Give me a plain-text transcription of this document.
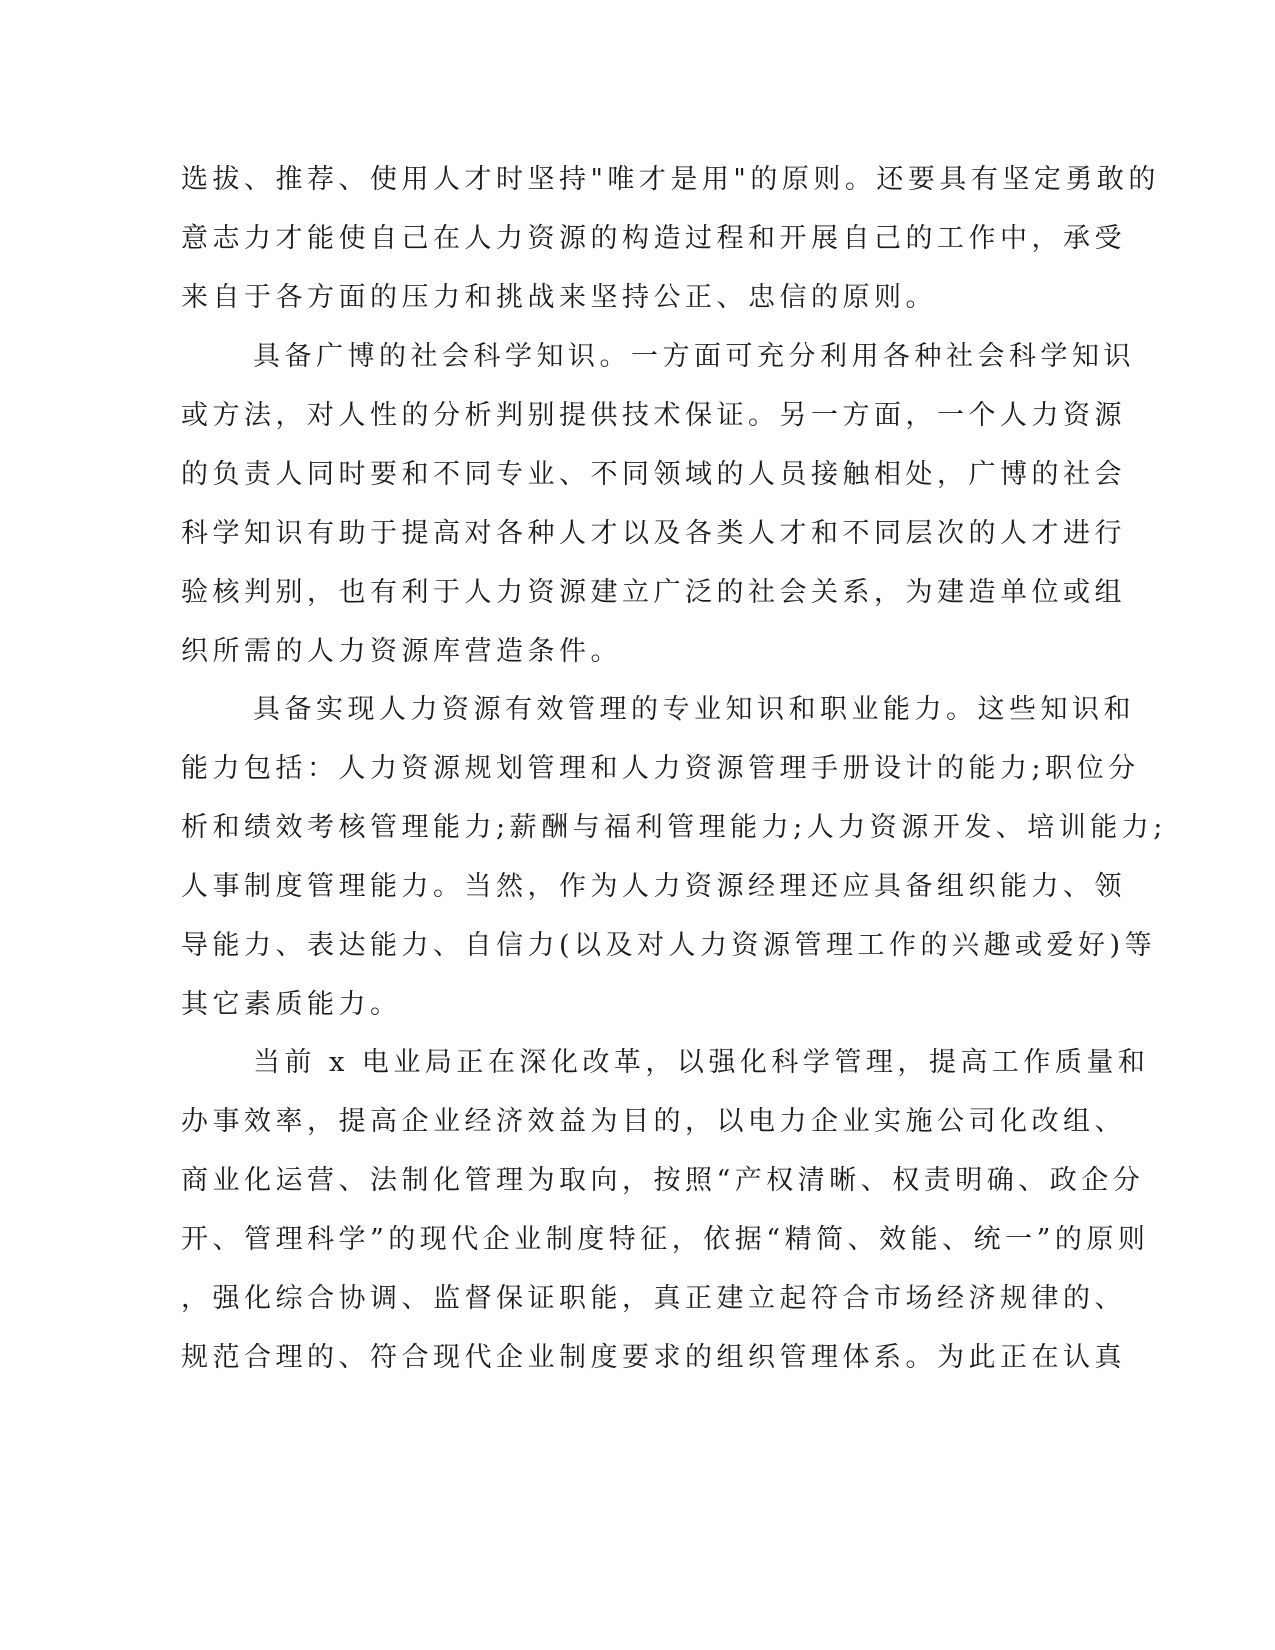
选拔、推荐、使用人才时坚持"唯才是用"的原则。还要具有坚定勇敢的
意志力才能使自己在人力资源的构造过程和开展自己的工作中，承受
来自于各方面的压力和挑战来坚持公正、忠信的原则。
具备广博的社会科学知识。一方面可充分利用各种社会科学知识
或方法，对人性的分析判别提供技术保证。另一方面，一个人力资源
的负责人同时要和不同专业、不同领域的人员接触相处，广博的社会
科学知识有助于提高对各种人才以及各类人才和不同层次的人才进行
验核判别，也有利于人力资源建立广泛的社会关系，为建造单位或组
织所需的人力资源库营造条件。
具备实现人力资源有效管理的专业知识和职业能力。这些知识和
能力包括：人力资源规划管理和人力资源管理手册设计的能力;职位分
析和绩效考核管理能力;薪酬与福利管理能力;人力资源开发、培训能力;
人事制度管理能力。当然，作为人力资源经理还应具备组织能力、领
导能力、表达能力、自信力(以及对人力资源管理工作的兴趣或爱好)等
其它素质能力。
当前 x 电业局正在深化改革，以强化科学管理，提高工作质量和
办事效率，提高企业经济效益为目的，以电力企业实施公司化改组、
商业化运营、法制化管理为取向，按照“产权清晰、权责明确、政企分
开、管理科学”的现代企业制度特征，依据“精简、效能、统一”的原则
，强化综合协调、监督保证职能，真正建立起符合市场经济规律的、
规范合理的、符合现代企业制度要求的组织管理体系。为此正在认真
